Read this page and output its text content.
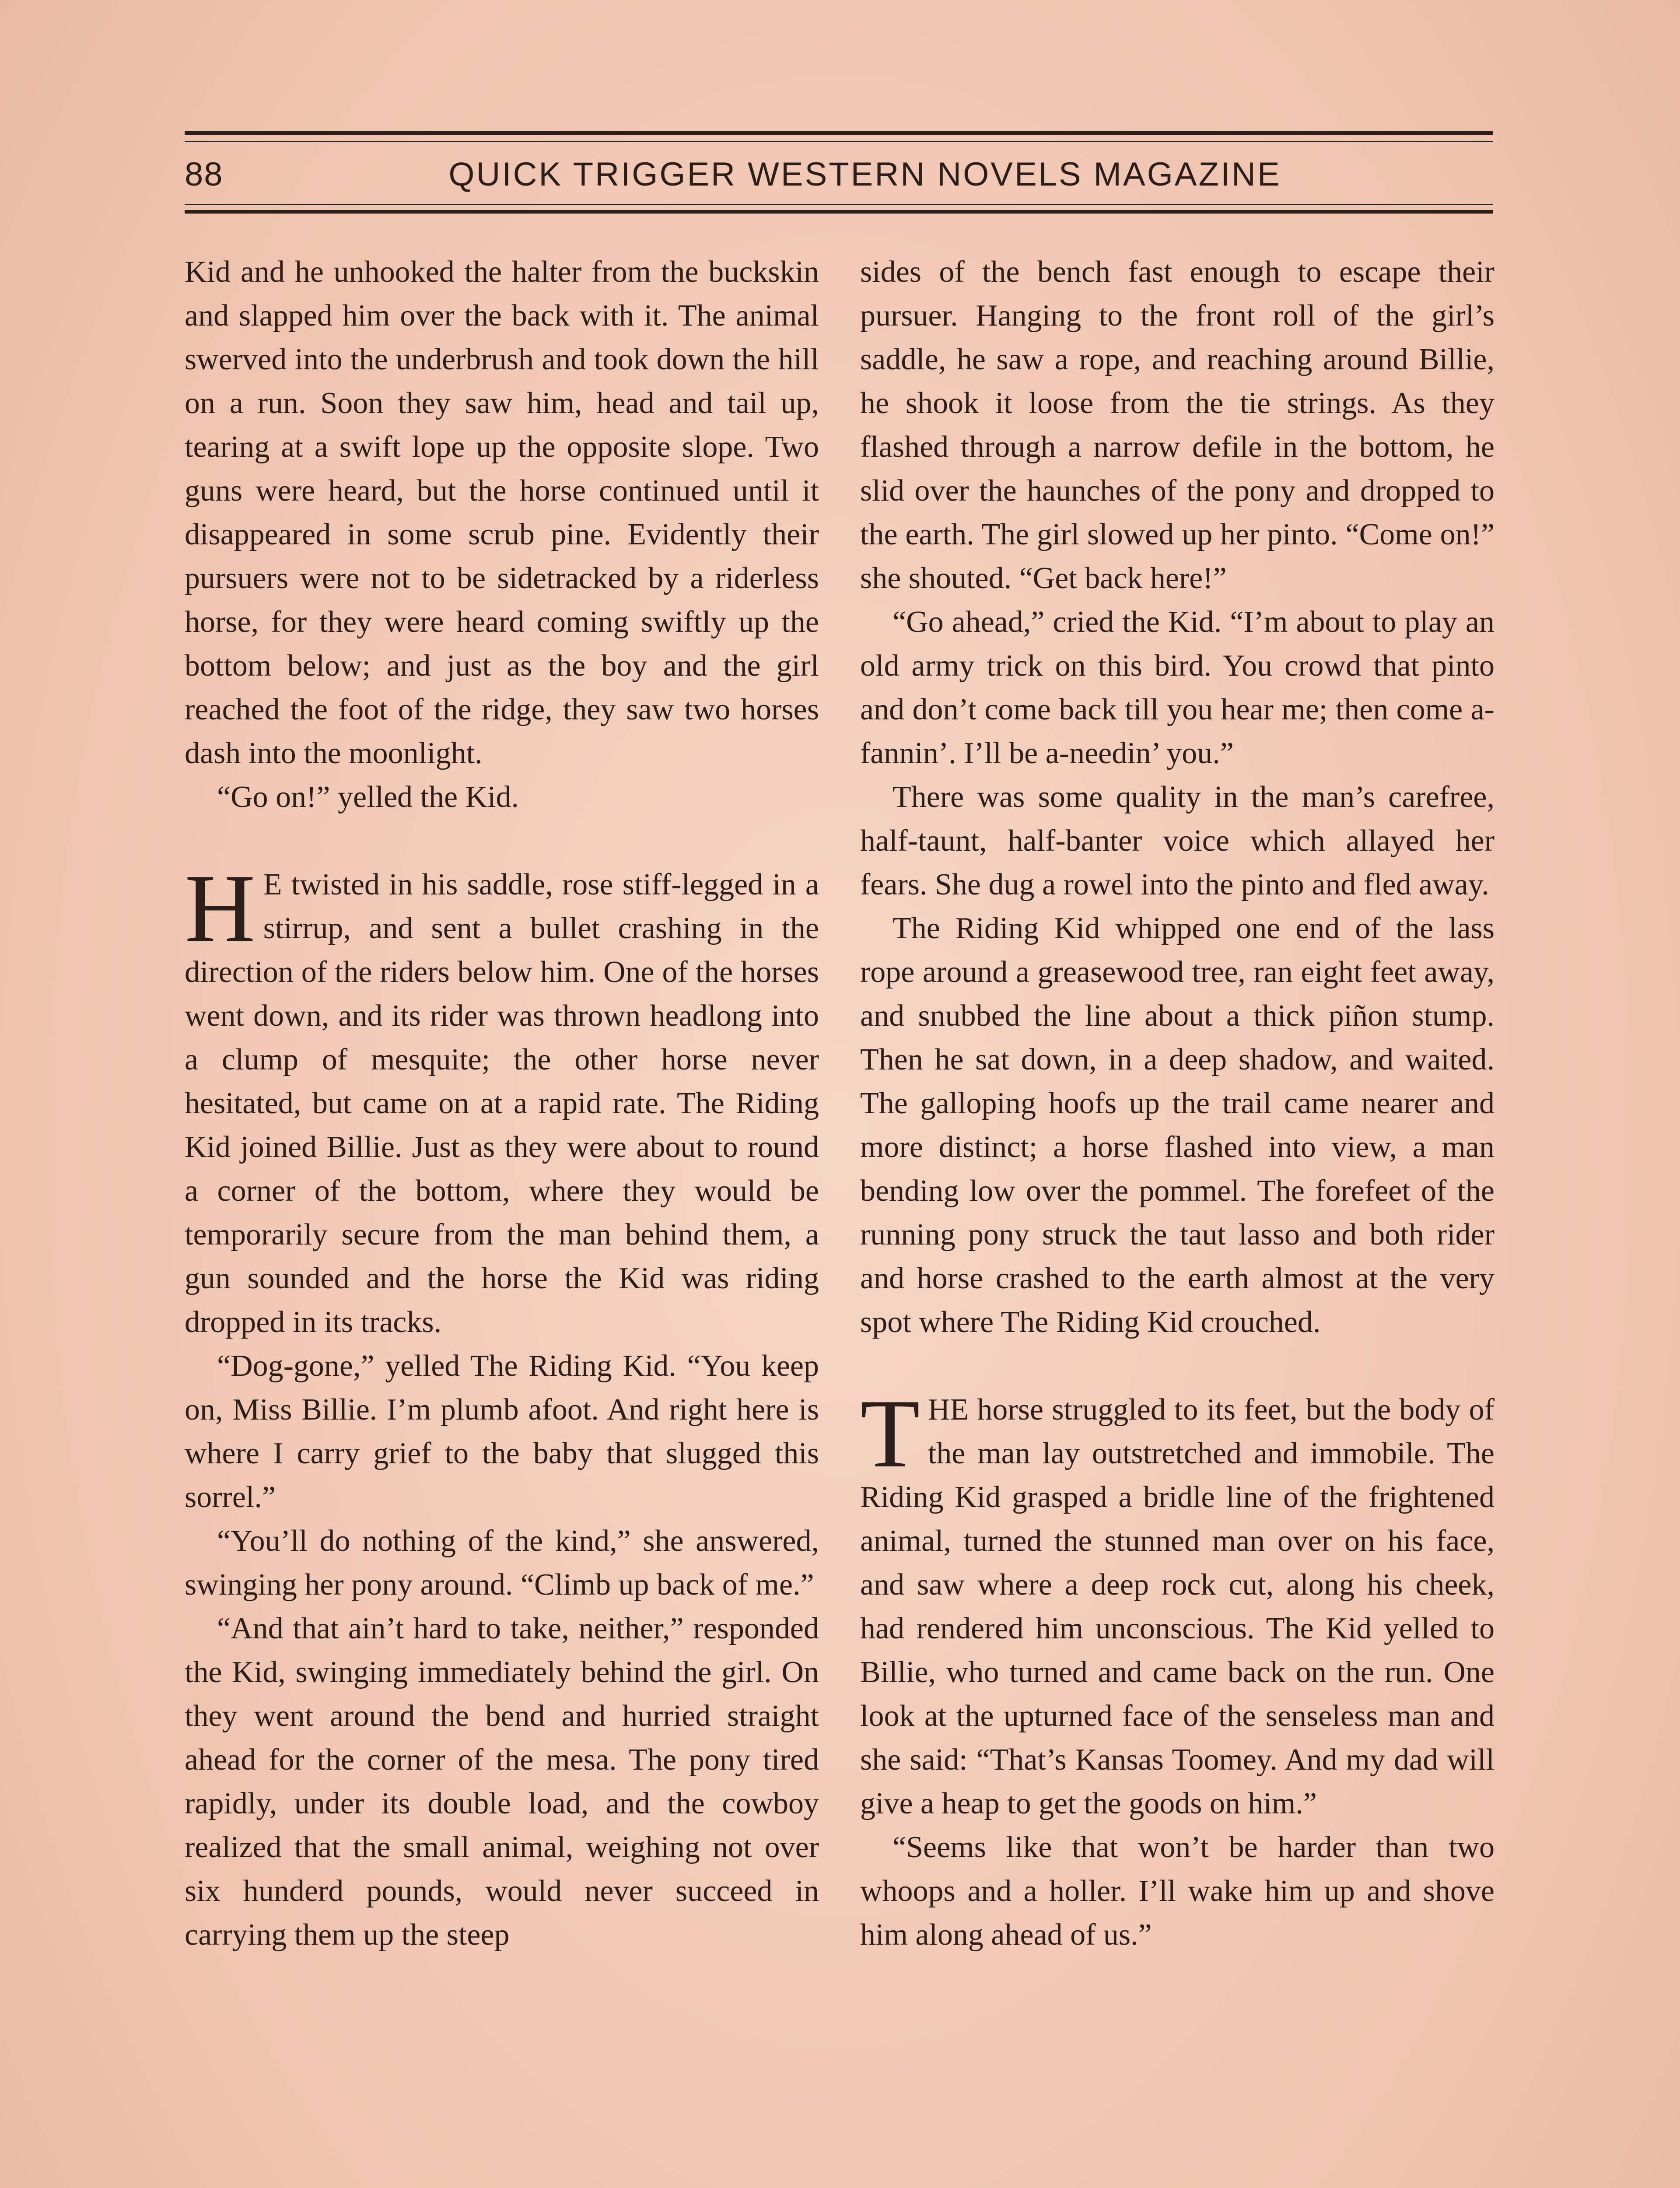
88	QUICK TRIGGER WESTERN NOVELS MAGAZINE

Kid and he unhooked the halter from the buckskin and slapped him over the back with it. The animal swerved into the underbrush and took down the hill on a run. Soon they saw him, head and tail up, tearing at a swift lope up the opposite slope. Two guns were heard, but the horse continued until it disappeared in some scrub pine. Evidently their pursuers were not to be sidetracked by a riderless horse, for they were heard coming swiftly up the bottom below; and just as the boy and the girl reached the foot of the ridge, they saw two horses dash into the moonlight.

“Go on!” yelled the Kid.

H E twisted in his saddle, rose stiff-legged in a stirrup, and sent a bullet crashing in the direction of the riders below him. One of the horses went down, and its rider was thrown headlong into a clump of mesquite; the other horse never hesitated, but came on at a rapid rate. The Riding Kid joined Billie. Just as they were about to round a corner of the bottom, where they would be temporarily secure from the man behind them, a gun sounded and the horse the Kid was riding dropped in its tracks.

“Dog-gone,” yelled The Riding Kid. “You keep on, Miss Billie. I’m plumb afoot. And right here is where I carry grief to the baby that slugged this sorrel.”

“You’ll do nothing of the kind,” she answered, swinging her pony around. “Climb up back of me.”

“And that ain’t hard to take, neither,” responded the Kid, swinging immediately behind the girl. On they went around the bend and hurried straight ahead for the corner of the mesa. The pony tired rapidly, under its double load, and the cowboy realized that the small animal, weighing not over six hunderd pounds, would never succeed in carrying them up the steep

sides of the bench fast enough to escape their pursuer. Hanging to the front roll of the girl’s saddle, he saw a rope, and reaching around Billie, he shook it loose from the tie strings. As they flashed through a narrow defile in the bottom, he slid over the haunches of the pony and dropped to the earth. The girl slowed up her pinto. “Come on!” she shouted. “Get back here!”

“Go ahead,” cried the Kid. “I’m about to play an old army trick on this bird. You crowd that pinto and don’t come back till you hear me; then come a-fannin’. I’ll be a-needin’ you.”

There was some quality in the man’s carefree, half-taunt, half-banter voice which allayed her fears. She dug a rowel into the pinto and fled away.

The Riding Kid whipped one end of the lass rope around a greasewood tree, ran eight feet away, and snubbed the line about a thick piñon stump. Then he sat down, in a deep shadow, and waited. The galloping hoofs up the trail came nearer and more distinct; a horse flashed into view, a man bending low over the pommel. The forefeet of the running pony struck the taut lasso and both rider and horse crashed to the earth almost at the very spot where The Riding Kid crouched.

THE horse struggled to its feet, but the body of the man lay outstretched and immobile. The Riding Kid grasped a bridle line of the frightened animal, turned the stunned man over on his face, and saw where a deep rock cut, along his cheek, had rendered him unconscious. The Kid yelled to Billie, who turned and came back on the run. One look at the upturned face of the senseless man and she said: “That’s Kansas Toomey. And my dad will give a heap to get the goods on him.”

“Seems like that won’t be harder than two whoops and a holler. I’ll wake him up and shove him along ahead of us.”
